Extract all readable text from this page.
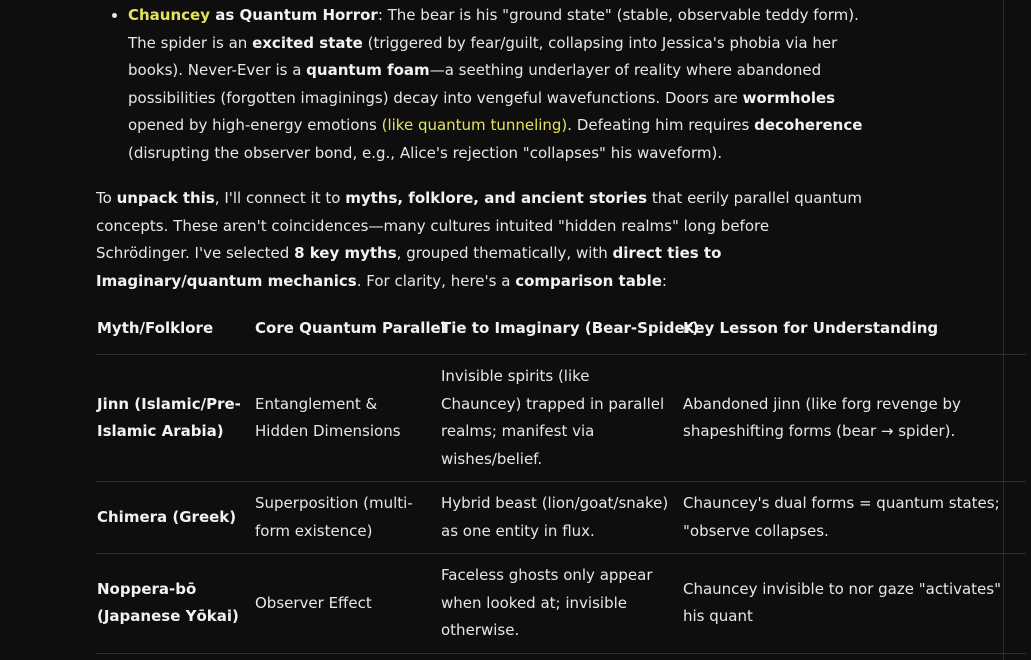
Chauncey as Quantum Horror: The bear is his "ground state" (stable, observable teddy form). The spider is an excited state (triggered by fear/guilt, collapsing into Jessica's phobia via her books). Never-Ever is a quantum foam—a seething underlayer of reality where abandoned possibilities (forgotten imaginings) decay into vengeful wavefunctions. Doors are wormholes opened by high-energy emotions (like quantum tunneling). Defeating him requires decoherence (disrupting the observer bond, e.g., Alice's rejection "collapses" his waveform).

To unpack this, I'll connect it to myths, folklore, and ancient stories that eerily parallel quantum concepts. These aren't coincidences—many cultures intuited "hidden realms" long before Schrödinger. I've selected 8 key myths, grouped thematically, with direct ties to Imaginary/quantum mechanics. For clarity, here's a comparison table:

Myth/Folklore	Core Quantum Parallel	Tie to Imaginary (Bear-Spider)	Key Lesson for Understanding
Jinn (Islamic/Pre-Islamic Arabia)	Entanglement & Hidden Dimensions	Invisible spirits (like Chauncey) trapped in parallel realms; manifest via wishes/belief.	Abandoned jinn (like forg revenge by shapeshifting forms (bear → spider).
Chimera (Greek)	Superposition (multi-form existence)	Hybrid beast (lion/goat/snake) as one entity in flux.	Chauncey's dual forms = quantum states; "observe collapses.
Noppera-bō (Japanese Yōkai)	Observer Effect	Faceless ghosts only appear when looked at; invisible otherwise.	Chauncey invisible to nor gaze "activates" his quant
